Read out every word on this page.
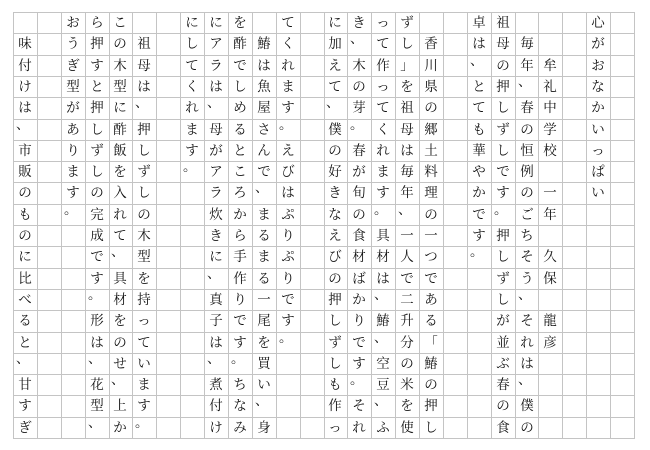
心
が
お
な
か
い
っ
ぱ
い

牟
礼
中
学
校

一
年

久
保

龍
彦

毎
年
、
春
の
恒
例
の
ご
ち
そ
う
、
そ
れ
は
、
僕
の
祖
母
の
押
し
ず
し
で
す
。
押
し
ず
し
が
並
ぶ
春
の
食
卓
は
、
と
て
も
華
や
か
で
す
。

香
川
県
の
郷
土
料
理
の
一
つ
で
あ
る
「
鰆
の
押
し
ず
し
」
を
祖
母
は
毎
年
、
一
人
で
二
升
分
の
米
を
使
っ
て
作
っ
て
く
れ
ま
す
。
具
材
は
、
鰆
、
空
豆
、
ふ
き
、
木
の
芽
。
春
が
旬
の
食
材
ば
か
り
で
す
。
そ
れ
に
加
え
て
、
僕
の
好
き
な
え
び
の
押
し
ず
し
も
作
っ
て
く
れ
ま
す
。
え
び
は
ぷ
り
ぷ
り
で
す
。

鰆
は
魚
屋
さ
ん
で
、
ま
る
ま
る
一
尾
を
買
い
、
身
を
酢
で
し
め
る
と
こ
ろ
か
ら
手
作
り
で
す
。
ち
な
み
に
ア
ラ
は
、
母
が
ア
ラ
炊
き
に
、
真
子
は
、
煮
付
け
に
し
て
く
れ
ま
す
。

祖
母
は
、
押
し
ず
し
の
木
型
を
持
っ
て
い
ま
す
。
こ
の
木
型
に
酢
飯
を
入
れ
て
、
具
材
を
の
せ
、
上
か
ら
押
す
と
押
し
ず
し
の
完
成
で
す
。
形
は
、
花
型
、
お
う
ぎ
型
が
あ
り
ま
す
。

味
付
け
は
、
市
販
の
も
の
に
比
べ
る
と
、
甘
す
ぎ
